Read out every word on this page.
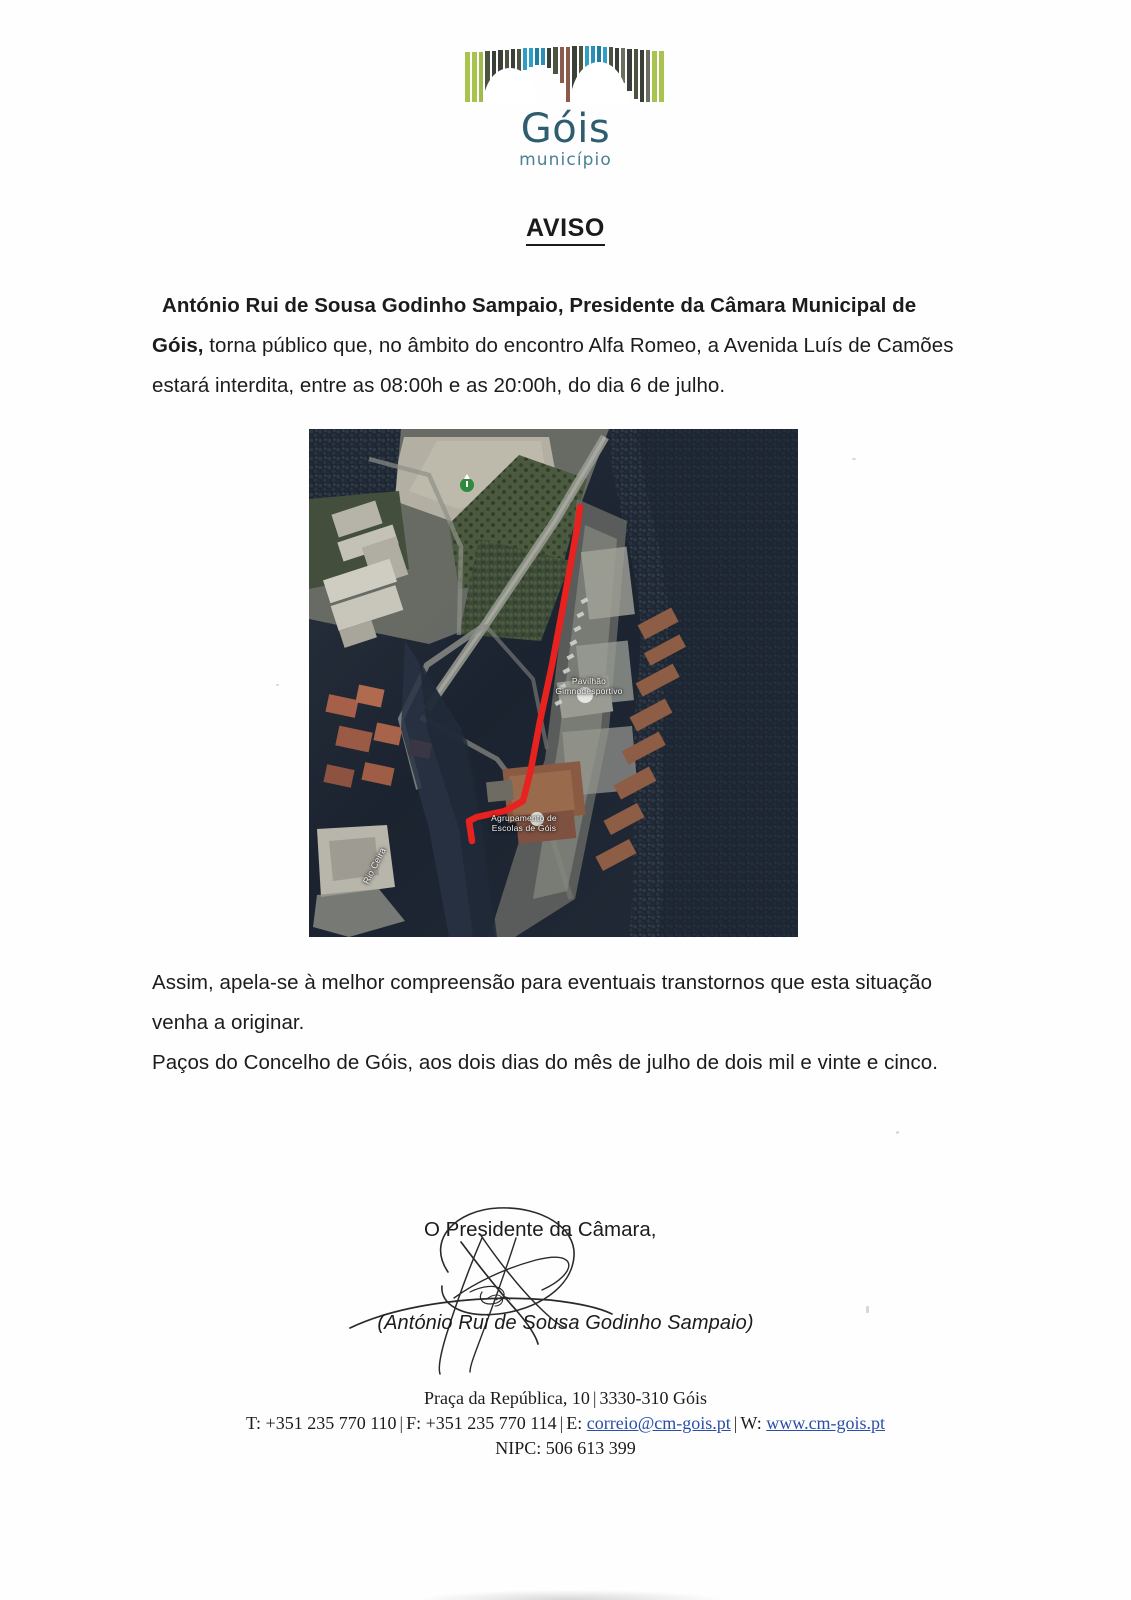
Góis
município
AVISO

António Rui de Sousa Godinho Sampaio, Presidente da Câmara Municipal de Góis, torna público que, no âmbito do encontro Alfa Romeo, a Avenida Luís de Camões estará interdita, entre as 08:00h e as 20:00h, do dia 6 de julho.

Pavilhão
Gimnodesportivo
Agrupamento de
Escolas de Góis
Rio Ceira

Assim, apela-se à melhor compreensão para eventuais transtornos que esta situação venha a originar.

Paços do Concelho de Góis, aos dois dias do mês de julho de dois mil e vinte e cinco.

O Presidente da Câmara,
(António Rui de Sousa Godinho Sampaio)
Praça da República, 10 | 3330-310 Góis
T: +351 235 770 110 | F: +351 235 770 114 | E: correio@cm-gois.pt | W: www.cm-gois.pt
NIPC: 506 613 399
